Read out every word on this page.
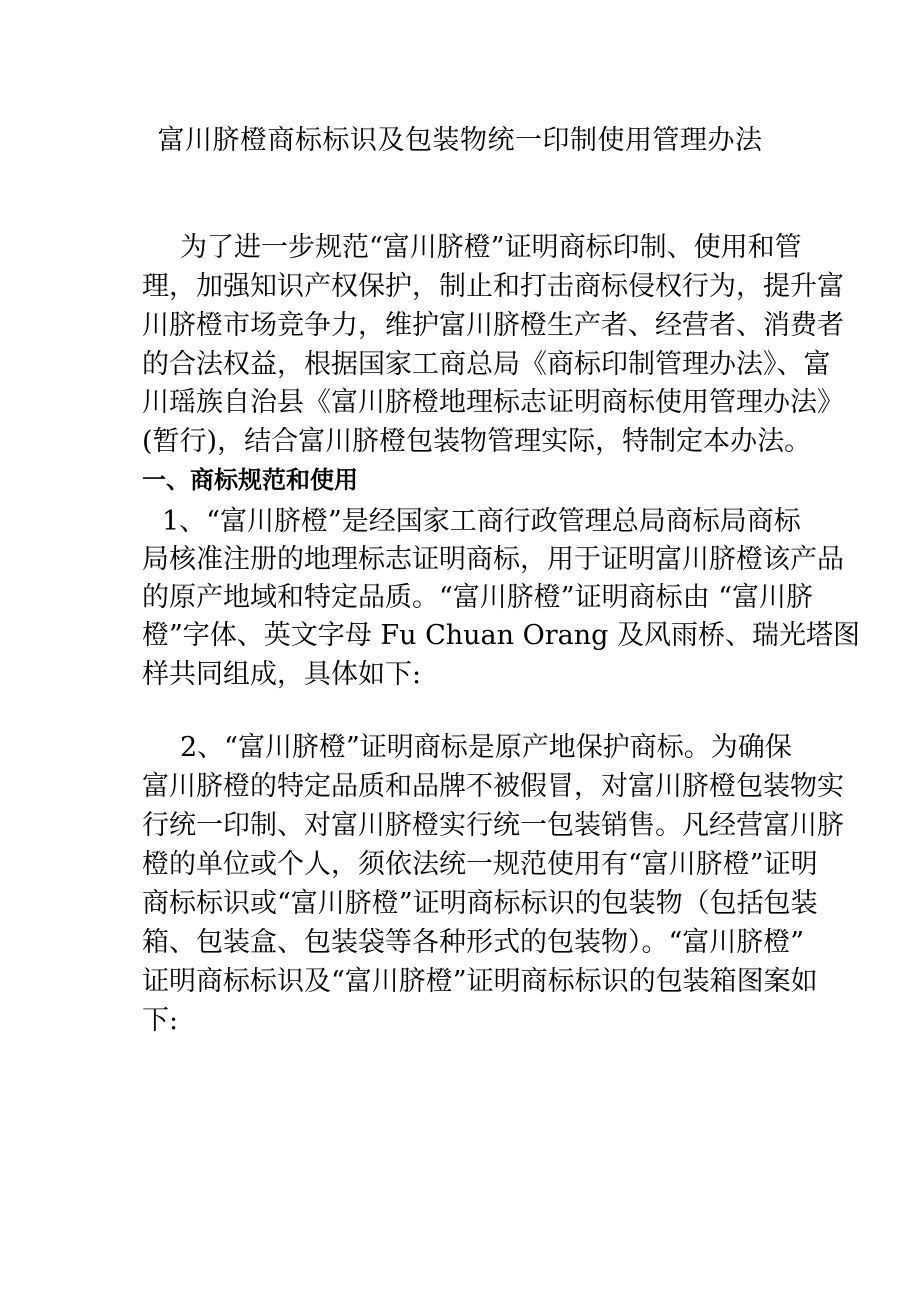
富川脐橙商标标识及包装物统一印制使用管理办法
为了进一步规范“富川脐橙”证明商标印制、使用和管
理，加强知识产权保护，制止和打击商标侵权行为，提升富
川脐橙市场竞争力，维护富川脐橙生产者、经营者、消费者
的合法权益，根据国家工商总局《商标印制管理办法》、富
川瑶族自治县《富川脐橙地理标志证明商标使用管理办法》
(暂行)，结合富川脐橙包装物管理实际，特制定本办法。
一、商标规范和使用
1、“富川脐橙”是经国家工商行政管理总局商标局商标
局核准注册的地理标志证明商标，用于证明富川脐橙该产品
的原产地域和特定品质。“富川脐橙”证明商标由 “富川脐
橙”字体、英文字母 Fu Chuan Orang 及风雨桥、瑞光塔图
样共同组成，具体如下:
2、“富川脐橙”证明商标是原产地保护商标。为确保
富川脐橙的特定品质和品牌不被假冒，对富川脐橙包装物实
行统一印制、对富川脐橙实行统一包装销售。凡经营富川脐
橙的单位或个人，须依法统一规范使用有“富川脐橙”证明
商标标识或“富川脐橙”证明商标标识的包装物（包括包装
箱、包装盒、包装袋等各种形式的包装物）。“富川脐橙”
证明商标标识及“富川脐橙”证明商标标识的包装箱图案如
下:
